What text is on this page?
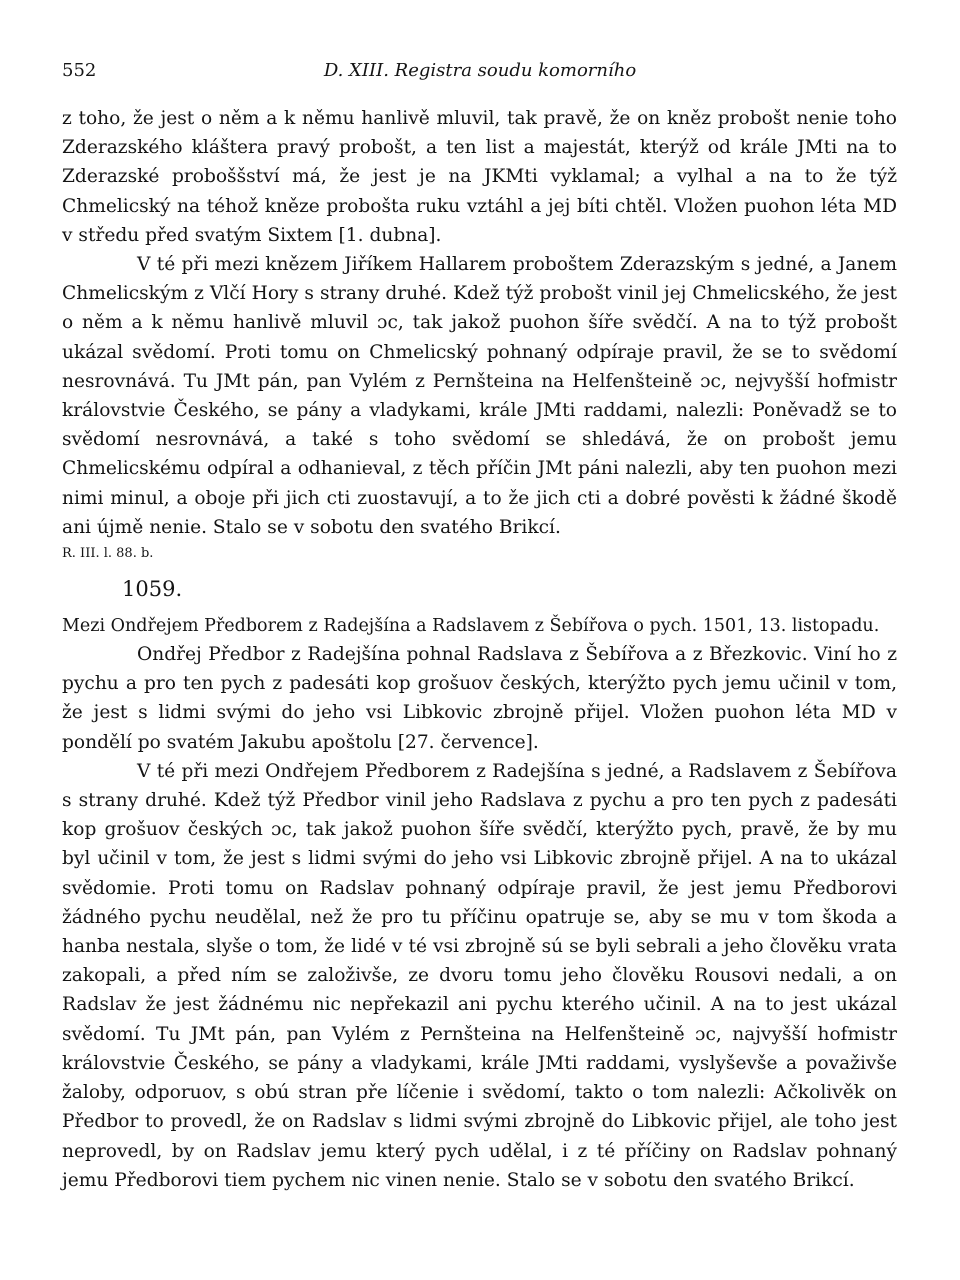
552	D. XIII. Registra soudu komorního

z toho, že jest o něm a k němu hanlivě mluvil, tak pravě, že on kněz probošt nenie toho Zderazského kláštera pravý probošt, a ten list a majestát, kterýž od krále JMti na to Zderazské proboššství má, že jest je na JKMti vyklamal; a vylhal a na to že týž Chmelicský na téhož kněze probošta ruku vztáhl a jej bíti chtěl. Vložen puohon léta MD v středu před svatým Sixtem [1. dubna].

V té při mezi knězem Jiříkem Hallarem proboštem Zderazským s jedné, a Janem Chmelicským z Vlčí Hory s strany druhé. Kdež týž probošt vinil jej Chmelicského, že jest o něm a k němu hanlivě mluvil ɔc, tak jakož puohon šíře svědčí. A na to týž probošt ukázal svědomí. Proti tomu on Chmelicský pohnaný odpíraje pravil, že se to svědomí nesrovnává. Tu JMt pán, pan Vylém z Pernšteina na Helfenšteině ɔc, nejvyšší hofmistr královstvie Českého, se pány a vladykami, krále JMti raddami, nalezli: Poněvadž se to svědomí nesrovnává, a také s toho svědomí se shledává, že on probošt jemu Chmelicskému odpíral a odhanieval, z těch příčin JMt páni nalezli, aby ten puohon mezi nimi minul, a oboje při jich cti zuostavují, a to že jich cti a dobré pověsti k žádné škodě ani újmě nenie. Stalo se v sobotu den svatého Brikcí.

R. III. l. 88. b.

1059.

Mezi Ondřejem Předborem z Radejšína a Radslavem z Šebířova o pych. 1501, 13. listopadu.

Ondřej Předbor z Radejšína pohnal Radslava z Šebířova a z Březkovic. Viní ho z pychu a pro ten pych z padesáti kop grošuov českých, kterýžto pych jemu učinil v tom, že jest s lidmi svými do jeho vsi Libkovic zbrojně přijel. Vložen puohon léta MD v pondělí po svatém Jakubu apoštolu [27. července].

V té při mezi Ondřejem Předborem z Radejšína s jedné, a Radslavem z Šebířova s strany druhé. Kdež týž Předbor vinil jeho Radslava z pychu a pro ten pych z padesáti kop grošuov českých ɔc, tak jakož puohon šíře svědčí, kterýžto pych, pravě, že by mu byl učinil v tom, že jest s lidmi svými do jeho vsi Libkovic zbrojně přijel. A na to ukázal svědomie. Proti tomu on Radslav pohnaný odpíraje pravil, že jest jemu Předborovi žádného pychu neudělal, než že pro tu příčinu opatruje se, aby se mu v tom škoda a hanba nestala, slyše o tom, že lidé v té vsi zbrojně sú se byli sebrali a jeho člověku vrata zakopali, a před ním se založivše, ze dvoru tomu jeho člověku Rousovi nedali, a on Radslav že jest žádnému nic nepřekazil ani pychu kterého učinil. A na to jest ukázal svědomí. Tu JMt pán, pan Vylém z Pernšteina na Helfenšteině ɔc, najvyšší hofmistr královstvie Českého, se pány a vladykami, krále JMti raddami, vyslyševše a považivše žaloby, odporuov, s obú stran pře líčenie i svědomí, takto o tom nalezli: Ačkolivěk on Předbor to provedl, že on Radslav s lidmi svými zbrojně do Libkovic přijel, ale toho jest neprovedl, by on Radslav jemu který pych udělal, i z té příčiny on Radslav pohnaný jemu Předborovi tiem pychem nic vinen nenie. Stalo se v sobotu den svatého Brikcí.
